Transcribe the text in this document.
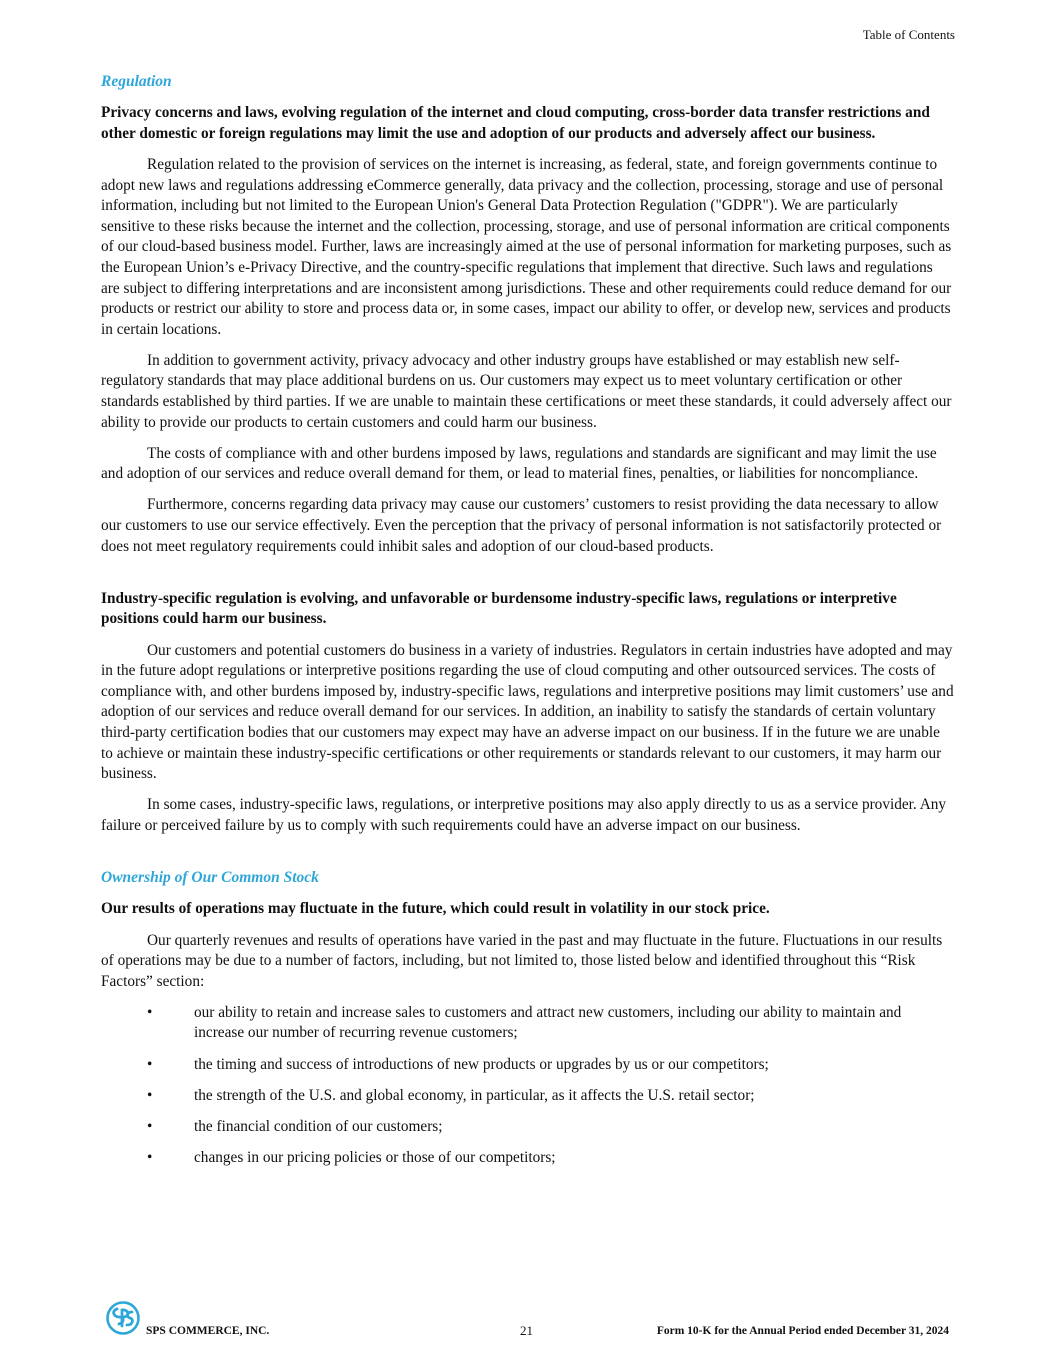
Table of Contents
Regulation
Privacy concerns and laws, evolving regulation of the internet and cloud computing, cross-border data transfer restrictions and other domestic or foreign regulations may limit the use and adoption of our products and adversely affect our business.

Regulation related to the provision of services on the internet is increasing, as federal, state, and foreign governments continue to adopt new laws and regulations addressing eCommerce generally, data privacy and the collection, processing, storage and use of personal information, including but not limited to the European Union's General Data Protection Regulation ("GDPR"). We are particularly sensitive to these risks because the internet and the collection, processing, storage, and use of personal information are critical components of our cloud-based business model. Further, laws are increasingly aimed at the use of personal information for marketing purposes, such as the European Union’s e-Privacy Directive, and the country-specific regulations that implement that directive. Such laws and regulations are subject to differing interpretations and are inconsistent among jurisdictions. These and other requirements could reduce demand for our products or restrict our ability to store and process data or, in some cases, impact our ability to offer, or develop new, services and products in certain locations.

In addition to government activity, privacy advocacy and other industry groups have established or may establish new self-regulatory standards that may place additional burdens on us. Our customers may expect us to meet voluntary certification or other standards established by third parties. If we are unable to maintain these certifications or meet these standards, it could adversely affect our ability to provide our products to certain customers and could harm our business.

The costs of compliance with and other burdens imposed by laws, regulations and standards are significant and may limit the use and adoption of our services and reduce overall demand for them, or lead to material fines, penalties, or liabilities for noncompliance.

Furthermore, concerns regarding data privacy may cause our customers’ customers to resist providing the data necessary to allow our customers to use our service effectively. Even the perception that the privacy of personal information is not satisfactorily protected or does not meet regulatory requirements could inhibit sales and adoption of our cloud-based products.

Industry-specific regulation is evolving, and unfavorable or burdensome industry-specific laws, regulations or interpretive positions could harm our business.

Our customers and potential customers do business in a variety of industries. Regulators in certain industries have adopted and may in the future adopt regulations or interpretive positions regarding the use of cloud computing and other outsourced services. The costs of compliance with, and other burdens imposed by, industry-specific laws, regulations and interpretive positions may limit customers’ use and adoption of our services and reduce overall demand for our services. In addition, an inability to satisfy the standards of certain voluntary third-party certification bodies that our customers may expect may have an adverse impact on our business. If in the future we are unable to achieve or maintain these industry-specific certifications or other requirements or standards relevant to our customers, it may harm our business.

In some cases, industry-specific laws, regulations, or interpretive positions may also apply directly to us as a service provider. Any failure or perceived failure by us to comply with such requirements could have an adverse impact on our business.

Ownership of Our Common Stock
Our results of operations may fluctuate in the future, which could result in volatility in our stock price.

Our quarterly revenues and results of operations have varied in the past and may fluctuate in the future. Fluctuations in our results of operations may be due to a number of factors, including, but not limited to, those listed below and identified throughout this “Risk Factors” section:

•	our ability to retain and increase sales to customers and attract new customers, including our ability to maintain and increase our number of recurring revenue customers;
•	the timing and success of introductions of new products or upgrades by us or our competitors;
•	the strength of the U.S. and global economy, in particular, as it affects the U.S. retail sector;
•	the financial condition of our customers;
•	changes in our pricing policies or those of our competitors;
SPS COMMERCE, INC.	21	Form 10-K for the Annual Period ended December 31, 2024
